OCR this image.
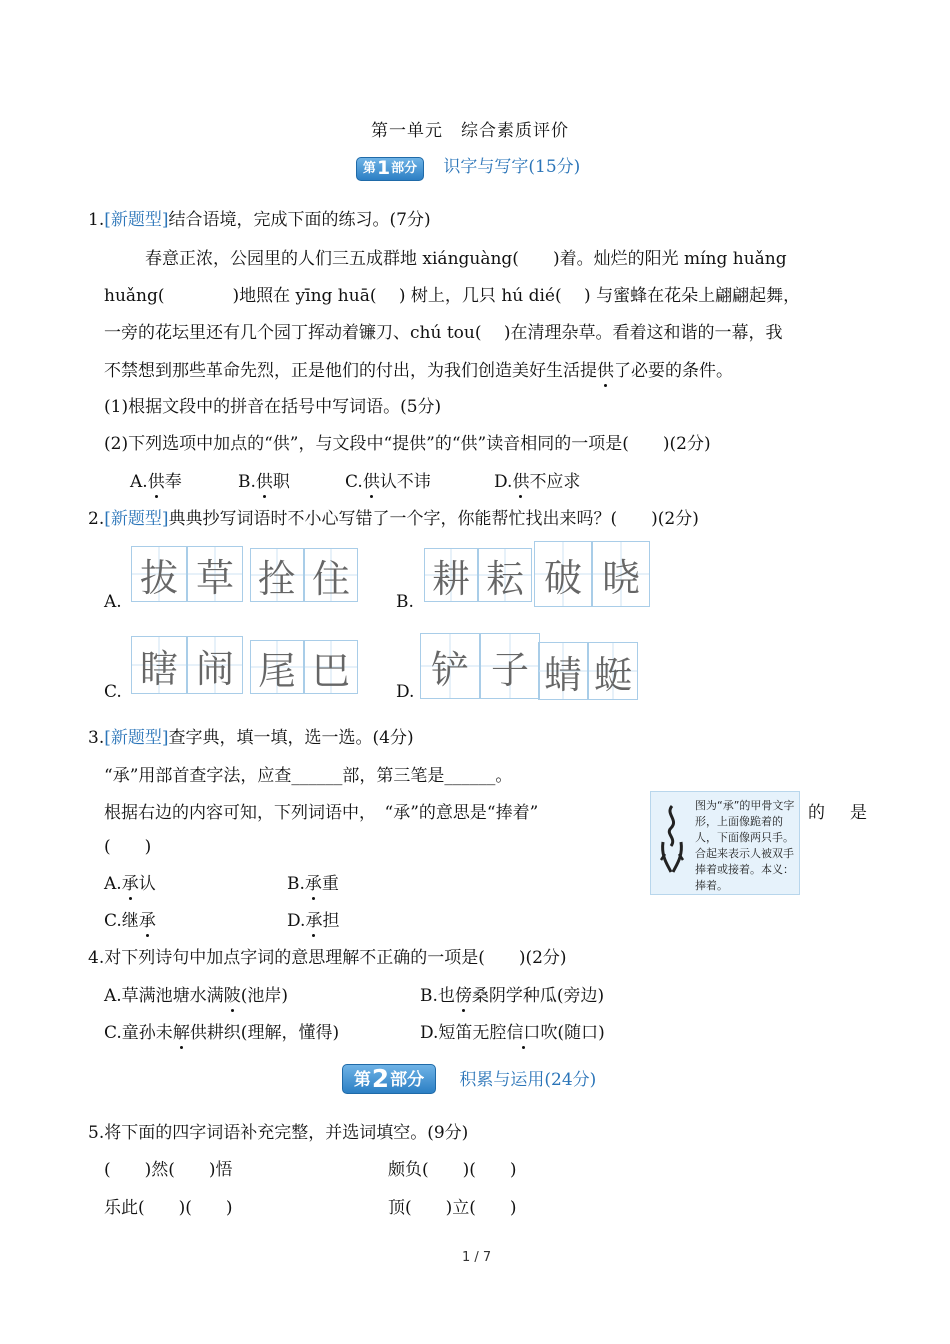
第一单元　综合素质评价
第1部分 识字与写字(15分)
1.[新题型]结合语境，完成下面的练习。(7分)
春意正浓，公园里的人们三五成群地 xiánguàng(　　)着。灿烂的阳光 míng huǎng
huǎng(　　　　)地照在 yīng huā(　 ) 树上，几只 hú dié(　 ) 与蜜蜂在花朵上翩翩起舞，
一旁的花坛里还有几个园丁挥动着镰刀、chú tou(　 )在清理杂草。看着这和谐的一幕，我
不禁想到那些革命先烈，正是他们的付出，为我们创造美好生活提供了必要的条件。
(1)根据文段中的拼音在括号中写词语。(5分)
(2)下列选项中加点的“供”，与文段中“提供”的“供”读音相同的一项是(　　)(2分)
A.供奉	B.供职	C.供认不讳	D.供不应求
2.[新题型]典典抄写词语时不小心写错了一个字，你能帮忙找出来吗？(　　)(2分)
A.
拔 草 拴 住
B.
耕 耘 破 晓
C.
瞎 闹 尾 巴	D.
铲 子 蜻 蜓
3.[新题型]查字典，填一填，选一选。(4分)
“承”用部首查字法，应查______部，第三笔是______。
根据右边的内容可知，下列词语中，　“承”的意思是“捧着”	的　是
(　　)
图为“承”的甲骨文字形，上面像跪着的人，下面像两只手。合起来表示人被双手捧着或接着。本义：捧着。
A.承认	B.承重
C.继承	D.承担
4.对下列诗句中加点字词的意思理解不正确的一项是(　　)(2分)
A.草满池塘水满陂(池岸)	B.也傍桑阴学种瓜(旁边)
C.童孙未解供耕织(理解，懂得)	D.短笛无腔信口吹(随口)
第2部分 积累与运用(24分)
5.将下面的四字词语补充完整，并选词填空。(9分)
(　　)然(　　)悟	颇负(　　)(　　)
乐此(　　)(　　)	顶(　　)立(　　)
1 / 7
